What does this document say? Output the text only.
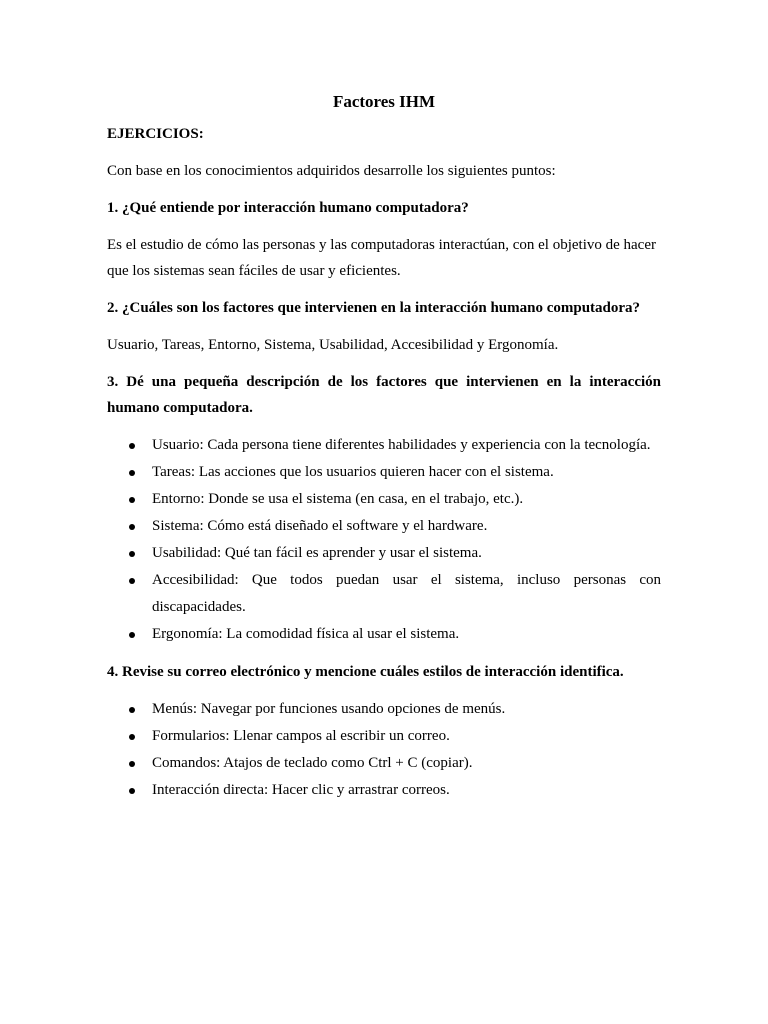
Factores IHM
EJERCICIOS:
Con base en los conocimientos adquiridos desarrolle los siguientes puntos:
1. ¿Qué entiende por interacción humano computadora?
Es el estudio de cómo las personas y las computadoras interactúan, con el objetivo de hacer que los sistemas sean fáciles de usar y eficientes.
2. ¿Cuáles son los factores que intervienen en la interacción humano computadora?
Usuario, Tareas, Entorno, Sistema, Usabilidad, Accesibilidad y Ergonomía.
3. Dé una pequeña descripción de los factores que intervienen en la interacción humano computadora.
Usuario: Cada persona tiene diferentes habilidades y experiencia con la tecnología.
Tareas: Las acciones que los usuarios quieren hacer con el sistema.
Entorno: Donde se usa el sistema (en casa, en el trabajo, etc.).
Sistema: Cómo está diseñado el software y el hardware.
Usabilidad: Qué tan fácil es aprender y usar el sistema.
Accesibilidad: Que todos puedan usar el sistema, incluso personas con discapacidades.
Ergonomía: La comodidad física al usar el sistema.
4. Revise su correo electrónico y mencione cuáles estilos de interacción identifica.
Menús: Navegar por funciones usando opciones de menús.
Formularios: Llenar campos al escribir un correo.
Comandos: Atajos de teclado como Ctrl + C (copiar).
Interacción directa: Hacer clic y arrastrar correos.
